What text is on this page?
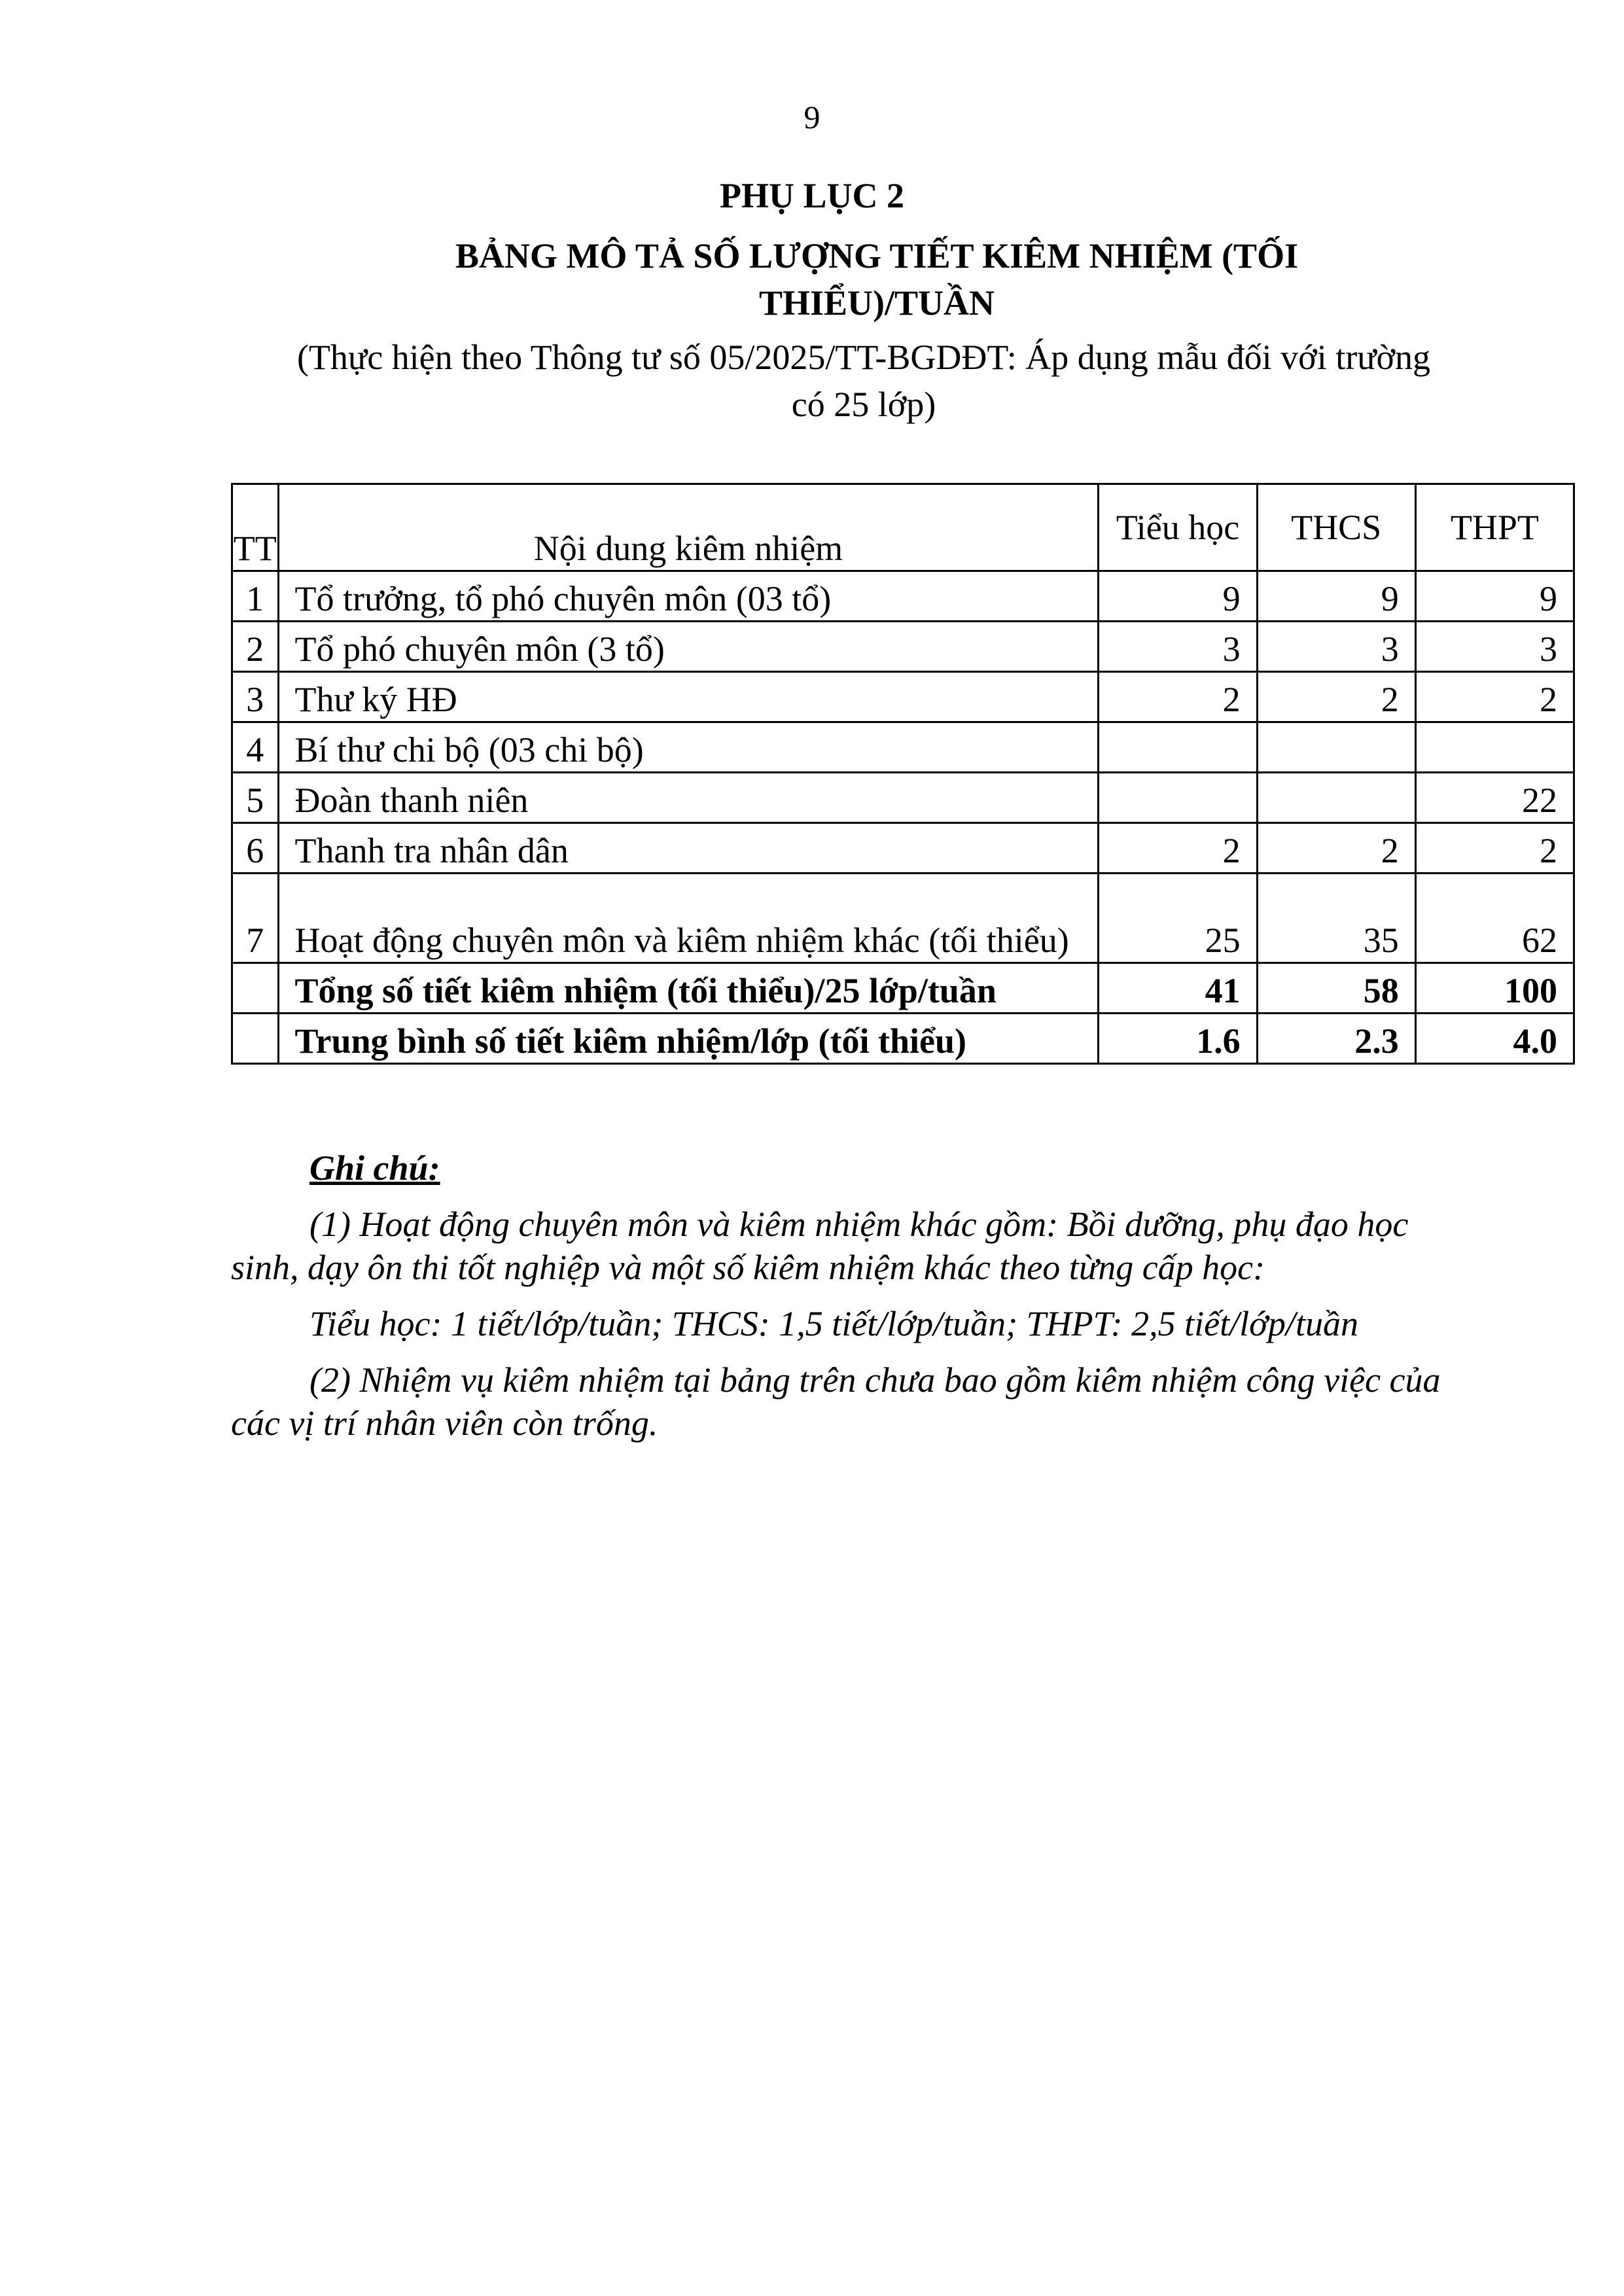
9
PHỤ LỤC 2
BẢNG MÔ TẢ SỐ LƯỢNG TIẾT KIÊM NHIỆM (TỐI THIỂU)/TUẦN
(Thực hiện theo Thông tư số 05/2025/TT-BGDĐT: Áp dụng mẫu đối với trường có 25 lớp)
TT	Nội dung kiêm nhiệm	Tiểu học	THCS	THPT
1	Tổ trưởng, tổ phó chuyên môn (03 tổ)	9	9	9
2	Tổ phó chuyên môn (3 tổ)	3	3	3
3	Thư ký HĐ	2	2	2
4	Bí thư chi bộ (03 chi bộ)			
5	Đoàn thanh niên			22
6	Thanh tra nhân dân	2	2	2
7	Hoạt động chuyên môn và kiêm nhiệm khác (tối thiểu)	25	35	62
	Tổng số tiết kiêm nhiệm (tối thiểu)/25 lớp/tuần	41	58	100
	Trung bình số tiết kiêm nhiệm/lớp (tối thiểu)	1.6	2.3	4.0

Ghi chú:

(1) Hoạt động chuyên môn và kiêm nhiệm khác gồm: Bồi dưỡng, phụ đạo học sinh, dạy ôn thi tốt nghiệp và một số kiêm nhiệm khác theo từng cấp học:

Tiểu học: 1 tiết/lớp/tuần; THCS: 1,5 tiết/lớp/tuần; THPT: 2,5 tiết/lớp/tuần

(2) Nhiệm vụ kiêm nhiệm tại bảng trên chưa bao gồm kiêm nhiệm công việc của các vị trí nhân viên còn trống.
